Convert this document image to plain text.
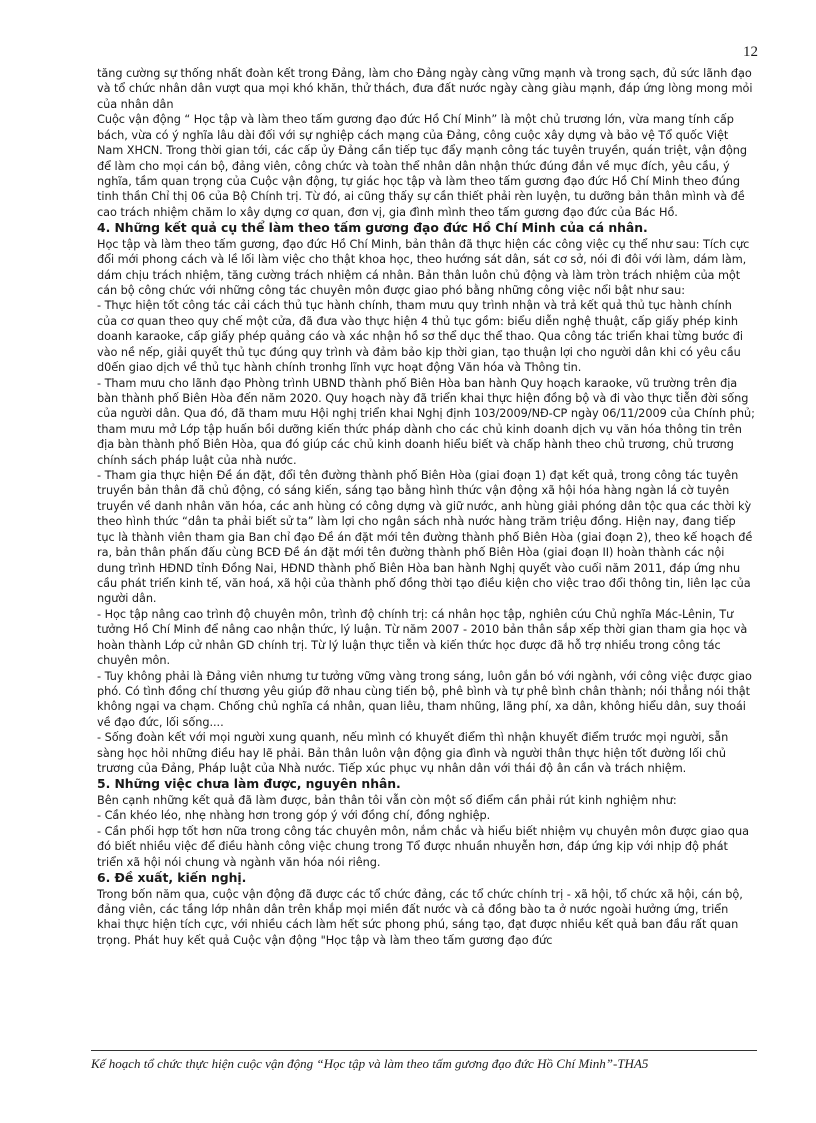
12

tăng cường sự thống nhất đoàn kết trong Đảng, làm cho Đảng ngày càng vững mạnh và trong sạch, đủ sức lãnh đạo và tổ chức nhân dân vượt qua mọi khó khăn, thử thách, đưa đất nước ngày càng giàu mạnh, đáp ứng lòng mong mỏi của nhân dân

Cuộc vận động “ Học tập và làm theo tấm gương đạo đức Hồ Chí Minh” là một chủ trương lớn, vừa mang tính cấp bách, vừa có ý nghĩa lâu dài đối với sự nghiệp cách mạng của Đảng, công cuộc xây dựng và bảo vệ Tổ quốc Việt Nam XHCN. Trong thời gian tới, các cấp ủy Đảng cần tiếp tục đẩy mạnh công tác tuyên truyền, quán triệt, vận động để làm cho mọi cán bộ, đảng viên, công chức và toàn thể nhân dân nhận thức đúng đắn về mục đích, yêu cầu, ý nghĩa, tầm quan trọng của Cuộc vận động, tự giác học tập và làm theo tấm gương đạo đức Hồ Chí Minh theo đúng tinh thần Chỉ thị 06 của Bộ Chính trị. Từ đó, ai cũng thấy sự cần thiết phải rèn luyện, tu dưỡng bản thân mình và đề cao trách nhiệm chăm lo xây dựng cơ quan, đơn vị, gia đình mình theo tấm gương đạo đức của Bác Hồ.

4. Những kết quả cụ thể làm theo tấm gương đạo đức Hồ Chí Minh của cá nhân.

Học tập và làm theo tấm gương, đạo đức Hồ Chí Minh, bản thân đã thực hiện các công việc cụ thể như sau: Tích cực đổi mới phong cách và lề lối làm việc cho thật khoa học, theo hướng sát dân, sát cơ sở, nói đi đôi với làm, dám làm, dám chịu trách nhiệm, tăng cường trách nhiệm cá nhân. Bản thân luôn chủ động và làm tròn trách nhiệm của một cán bộ công chức với những công tác chuyên môn được giao phó bằng những công việc nổi bật như sau:

- Thực hiện tốt công tác cải cách thủ tục hành chính, tham mưu quy trình nhận và trả kết quả thủ tục hành chính của cơ quan theo quy chế một cửa, đã đưa vào thực hiện 4 thủ tục gồm: biểu diễn nghệ thuật, cấp giấy phép kinh doanh karaoke, cấp giấy phép quảng cáo và xác nhận hồ sơ thể dục thể thao. Qua công tác triển khai từng bước đi vào nề nếp, giải quyết thủ tục đúng quy trình và đảm bảo kịp thời gian, tạo thuận lợi cho người dân khi có yêu cầu d0ến giao dịch về thủ tục hành chính tronhg lĩnh vực hoạt động Văn hóa và Thông tin.

- Tham mưu cho lãnh đạo Phòng trình UBND thành phố Biên Hòa ban hành Quy hoạch karaoke, vũ trường trên địa bàn thành phố Biên Hòa đến năm 2020. Quy hoạch này đã triển khai thực hiện đồng bộ và đi vào thực tiễn đời sống của người dân. Qua đó, đã tham mưu Hội nghị triển khai Nghị định 103/2009/NĐ-CP ngày 06/11/2009 của Chính phủ; tham mưu mở Lớp tập huấn bồi dưỡng kiến thức pháp dành cho các chủ kinh doanh dịch vụ văn hóa thông tin trên địa bàn thành phố Biên Hòa, qua đó giúp các chủ kinh doanh hiểu biết và chấp hành theo chủ trương, chủ trương chính sách pháp luật của nhà nước.

- Tham gia thực hiện Đề án đặt, đổi tên đường thành phố Biên Hòa (giai đoạn 1) đạt kết quả, trong công tác tuyên truyền bản thân đã chủ động, có sáng kiến, sáng tạo bằng hình thức vận động xã hội hóa hàng ngàn lá cờ tuyên truyền về danh nhân văn hóa, các anh hùng có công dựng và giữ nước, anh hùng giải phóng dân tộc qua các thời kỳ theo hình thức “dân ta phải biết sử ta” làm lợi cho ngân sách nhà nước hàng trăm triệu đồng. Hiện nay, đang tiếp tục là thành viên tham gia Ban chỉ đạo Đề án đặt mới tên đường thành phố Biên Hòa (giai đoạn 2), theo kế hoạch đề ra, bản thân phấn đấu cùng BCĐ Đề án đặt mới tên đường thành phố Biên Hòa (giai đoạn II) hoàn thành các nội dung trình HĐND tỉnh Đồng Nai, HĐND thành phố Biên Hòa ban hành Nghị quyết vào cuối năm 2011, đáp ứng nhu cầu phát triển kinh tế, văn hoá, xã hội của thành phố đồng thời tạo điều kiện cho việc trao đổi thông tin, liên lạc của người dân.

- Học tập nâng cao trình độ chuyên môn, trình độ chính trị: cá nhân học tập, nghiên cứu Chủ nghĩa Mác-Lênin, Tư tưởng Hồ Chí Minh để nâng cao nhận thức, lý luận. Từ năm 2007 - 2010 bản thân sắp xếp thời gian tham gia học và hoàn thành Lớp cử nhân GD chính trị. Từ lý luận thực tiễn và kiến thức học được đã hỗ trợ nhiều trong công tác chuyên môn.

- Tuy không phải là Đảng viên nhưng tư tưởng vững vàng trong sáng, luôn gắn bó với ngành, với công việc được giao phó. Có tình đồng chí thương yêu giúp đỡ nhau cùng tiến bộ, phê bình và tự phê bình chân thành; nói thẳng nói thật không ngại va chạm. Chống chủ nghĩa cá nhân, quan liêu, tham nhũng, lãng phí, xa dân, không hiểu dân, suy thoái về đạo đức, lối sống....

- Sống đoàn kết với mọi người xung quanh, nếu mình có khuyết điểm thì nhận khuyết điểm trước mọi người, sẵn sàng học hỏi những điều hay lẽ phải. Bản thân luôn vận động gia đình và người thân thực hiện tốt đường lối chủ trương của Đảng, Pháp luật của Nhà nước. Tiếp xúc phục vụ nhân dân với thái độ ân cần và trách nhiệm.

5. Những việc chưa làm được, nguyên nhân.

Bên cạnh những kết quả đã làm được, bản thân tôi vẫn còn một số điểm cần phải rút kinh nghiệm như:

- Cần khéo léo, nhẹ nhàng hơn trong góp ý với đồng chí, đồng nghiệp.

- Cần phối hợp tốt hơn nữa trong công tác chuyên môn, nắm chắc và hiểu biết nhiệm vụ chuyên môn được giao qua đó biết nhiều việc để điều hành công việc chung trong Tổ được nhuần nhuyễn hơn, đáp ứng kịp với nhịp độ phát triển xã hội nói chung và ngành văn hóa nói riêng.

6. Đề xuất, kiến nghị.

Trong bốn năm qua, cuộc vận động đã được các tổ chức đảng, các tổ chức chính trị - xã hội, tổ chức xã hội, cán bộ, đảng viên, các tầng lớp nhân dân trên khắp mọi miền đất nước và cả đồng bào ta ở nước ngoài hưởng ứng, triển khai thực hiện tích cực, với nhiều cách làm hết sức phong phú, sáng tạo, đạt được nhiều kết quả ban đầu rất quan trọng. Phát huy kết quả Cuộc vận động "Học tập và làm theo tấm gương đạo đức

Kế hoạch tổ chức thực hiện cuộc vận động “Học tập và làm theo tấm gương đạo đức Hồ Chí Minh”-THA5
